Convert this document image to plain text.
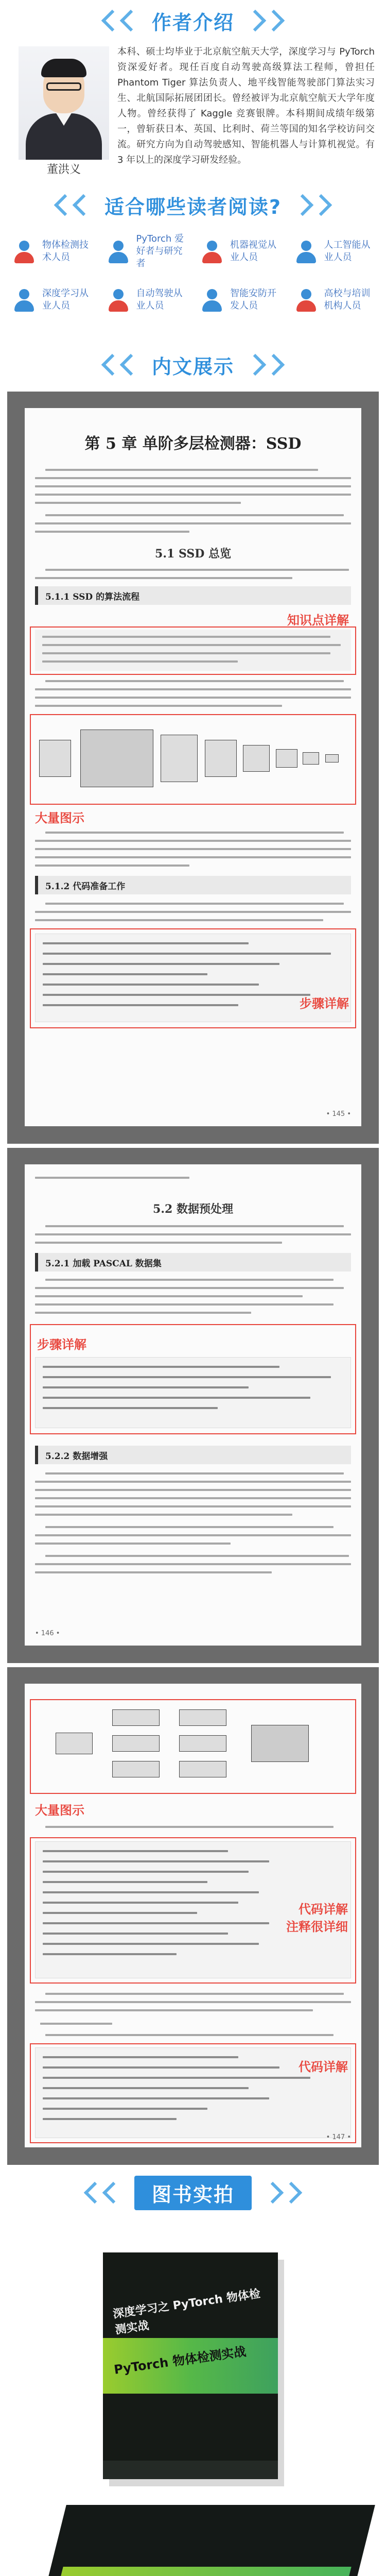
作者介绍
董洪义

本科、硕士均毕业于北京航空航天大学，深度学习与 PyTorch 资深爱好者。现任百度自动驾驶高级算法工程师，曾担任 Phantom Tiger 算法负责人、地平线智能驾驶部门算法实习生、北航国际拓展团团长。曾经被评为北京航空航天大学年度人物。曾经获得了 Kaggle 竞赛银牌。本科期间成绩年级第一，曾斩获日本、英国、比利时、荷兰等国的知名学校访问交流。研究方向为自动驾驶感知、智能机器人与计算机视觉。有 3 年以上的深度学习研发经验。

适合哪些读者阅读?
物体检测技术人员
PyTorch 爱好者与研究者
机器视觉从业人员
人工智能从业人员
深度学习从业人员
自动驾驶从业人员
智能安防开发人员
高校与培训机构人员
内文展示
第 5 章 单阶多层检测器：SSD
5.1 SSD 总览
5.1.1 SSD 的算法流程
知识点详解
大量图示
5.1.2 代码准备工作
步骤详解
• 145 •
5.2 数据预处理
5.2.1 加载 PASCAL 数据集
步骤详解
5.2.2 数据增强
• 146 •
大量图示
代码详解
注释很详细
代码详解
• 147 •
图书实拍
深度学习之 PyTorch 物体检测实战
PyTorch 物体检测实战
